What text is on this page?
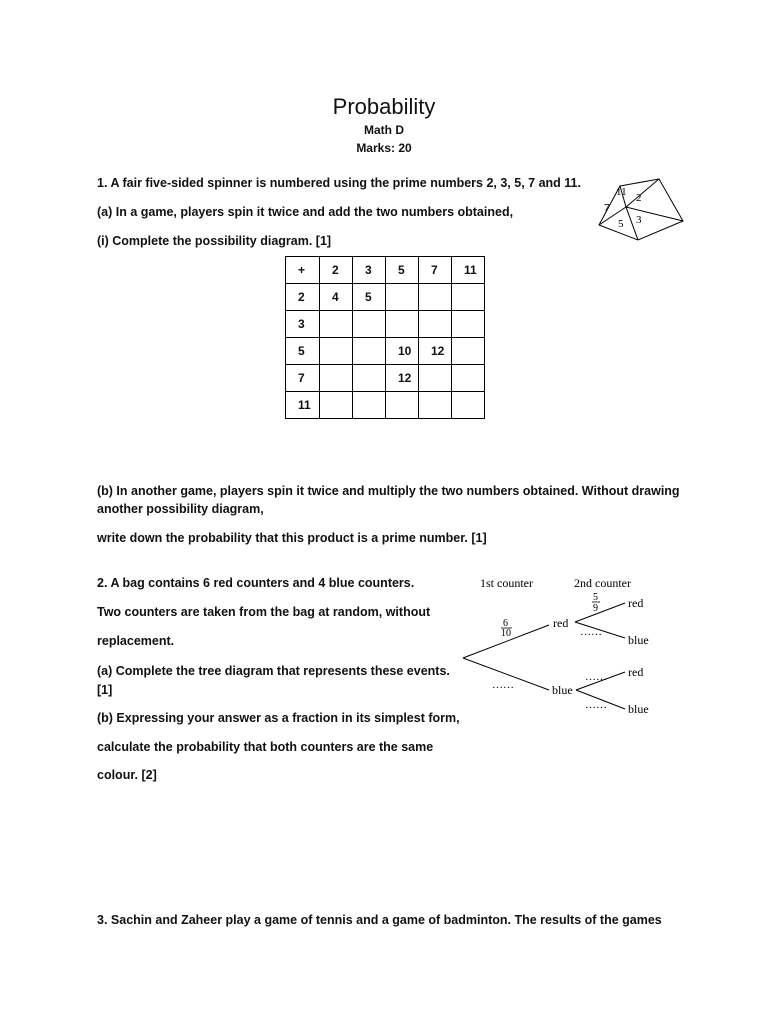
Probability
Math D
Marks: 20
1. A fair five-sided spinner is numbered using the prime numbers 2, 3, 5, 7 and 11.
(a) In a game, players spin it twice and add the two numbers obtained,
(i) Complete the possibility diagram. [1]
11 2
3
5
7
+	2	3	5	7	11
2	4	5			
3					
5			10	12	
7			12		
11					
(b) In another game, players spin it twice and multiply the two numbers obtained. Without drawing
another possibility diagram,
write down the probability that this product is a prime number. [1]
2. A bag contains 6 red counters and 4 blue counters.
Two counters are taken from the bag at random, without
replacement.
(a) Complete the tree diagram that represents these events.
[1]
(b) Expressing your answer as a fraction in its simplest form,
calculate the probability that both counters are the same
colour. [2]
1st counter	2nd counter
6
10
……
red
blue
5
9
……
……
……
red
blue
red
blue
3. Sachin and Zaheer play a game of tennis and a game of badminton. The results of the games
